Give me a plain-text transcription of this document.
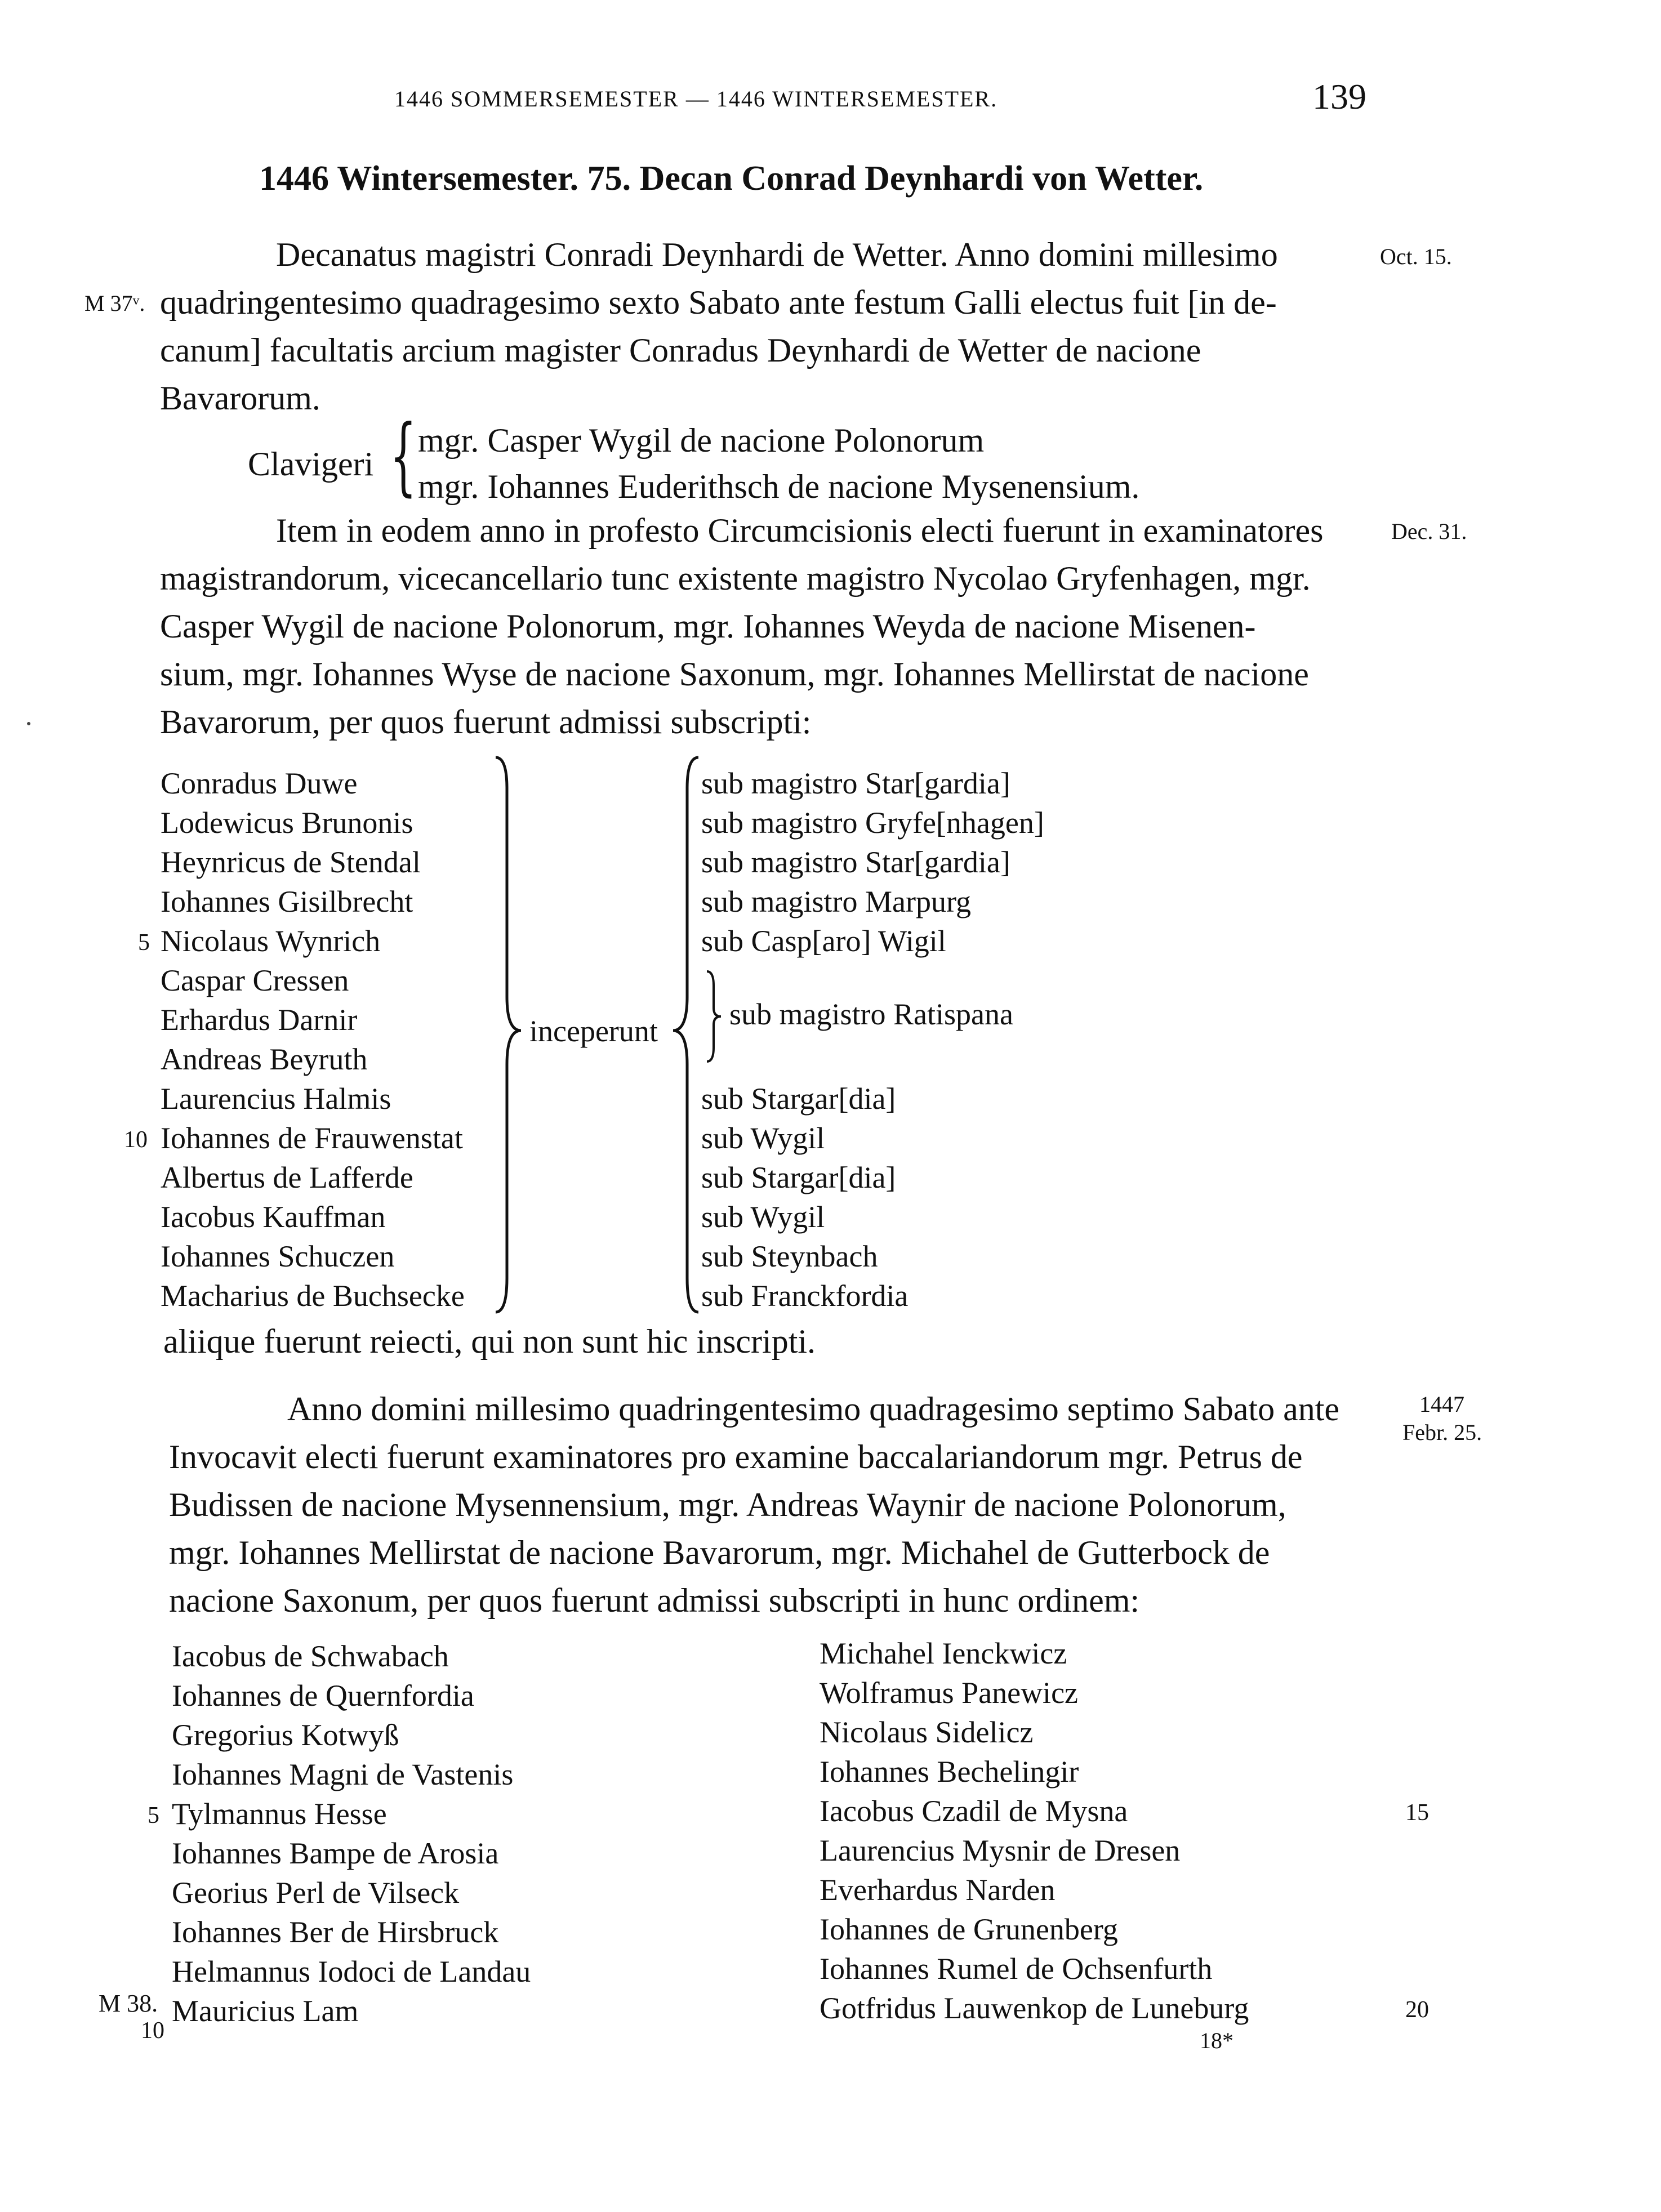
1446 SOMMERSEMESTER — 1446 WINTERSEMESTER.	139
1446 Wintersemester. 75. Decan Conrad Deynhardi von Wetter.
Decanatus magistri Conradi Deynhardi de Wetter. Anno domini millesimo
quadringentesimo quadragesimo sexto Sabato ante festum Galli electus fuit [in de-
canum] facultatis arcium magister Conradus Deynhardi de Wetter de nacione
Bavarorum.
M 37ᵛ.
Oct. 15.
Clavigeri { mgr. Casper Wygil de nacione Polonorum
mgr. Iohannes Euderithsch de nacione Mysenensium.
Item in eodem anno in profesto Circumcisionis electi fuerunt in examinatores
magistrandorum, vicecancellario tunc existente magistro Nycolao Gryfenhagen, mgr.
Casper Wygil de nacione Polonorum, mgr. Iohannes Weyda de nacione Misenen-
sium, mgr. Iohannes Wyse de nacione Saxonum, mgr. Iohannes Mellirstat de nacione
Bavarorum, per quos fuerunt admissi subscripti:
Dec. 31.
Conradus Duwe
Lodewicus Brunonis
Heynricus de Stendal
Iohannes Gisilbrecht
Nicolaus Wynrich
Caspar Cressen
Erhardus Darnir
Andreas Beyruth
Laurencius Halmis
Iohannes de Frauwenstat
Albertus de Lafferde
Iacobus Kauffman
Iohannes Schuczen
Macharius de Buchsecke
5
10
inceperunt
sub magistro Star[gardia]
sub magistro Gryfe[nhagen]
sub magistro Star[gardia]
sub magistro Marpurg
sub Casp[aro] Wigil
sub magistro Ratispana
sub Stargar[dia]
sub Wygil
sub Stargar[dia]
sub Wygil
sub Steynbach
sub Franckfordia
aliique fuerunt reiecti, qui non sunt hic inscripti.
Anno domini millesimo quadringentesimo quadragesimo septimo Sabato ante
Invocavit electi fuerunt examinatores pro examine baccalariandorum mgr. Petrus de
Budissen de nacione Mysennensium, mgr. Andreas Waynir de nacione Polonorum,
mgr. Iohannes Mellirstat de nacione Bavarorum, mgr. Michahel de Gutterbock de
nacione Saxonum, per quos fuerunt admissi subscripti in hunc ordinem:
1447
Febr. 25.
Iacobus de Schwabach
Iohannes de Quernfordia
Gregorius Kotwyß
Iohannes Magni de Vastenis
Tylmannus Hesse
Iohannes Bampe de Arosia
Georius Perl de Vilseck
Iohannes Ber de Hirsbruck
Helmannus Iodoci de Landau
Mauricius Lam
5
10
M 38.
Michahel Ienckwicz
Wolframus Panewicz
Nicolaus Sidelicz
Iohannes Bechelingir
Iacobus Czadil de Mysna
Laurencius Mysnir de Dresen
Everhardus Narden
Iohannes de Grunenberg
Iohannes Rumel de Ochsenfurth
Gotfridus Lauwenkop de Luneburg
15
20
18*
